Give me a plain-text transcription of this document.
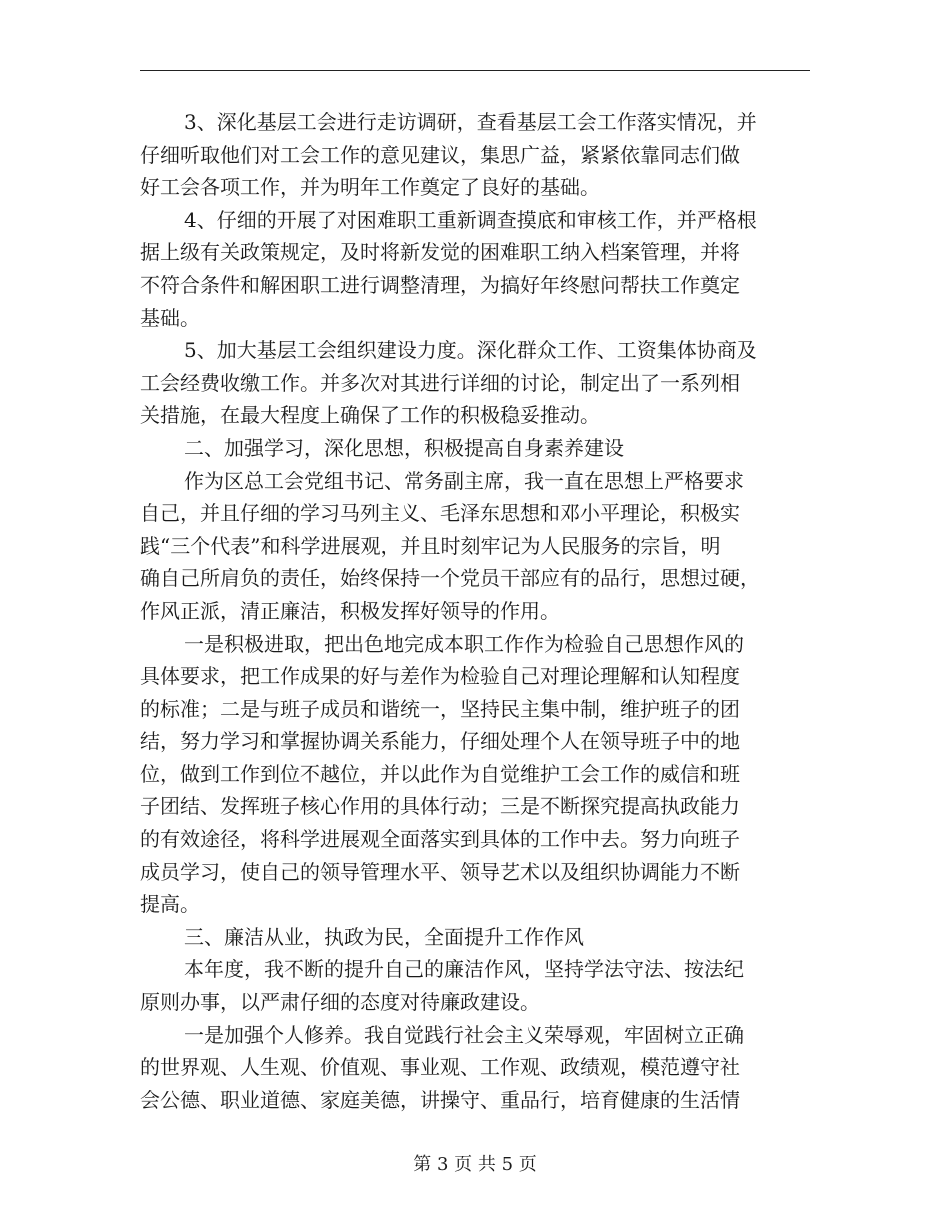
3、深化基层工会进行走访调研，查看基层工会工作落实情况，并
仔细听取他们对工会工作的意见建议，集思广益，紧紧依靠同志们做
好工会各项工作，并为明年工作奠定了良好的基础。
4、仔细的开展了对困难职工重新调查摸底和审核工作，并严格根
据上级有关政策规定，及时将新发觉的困难职工纳入档案管理，并将
不符合条件和解困职工进行调整清理，为搞好年终慰问帮扶工作奠定
基础。
5、加大基层工会组织建设力度。深化群众工作、工资集体协商及
工会经费收缴工作。并多次对其进行详细的讨论，制定出了一系列相
关措施，在最大程度上确保了工作的积极稳妥推动。
二、加强学习，深化思想，积极提高自身素养建设
作为区总工会党组书记、常务副主席，我一直在思想上严格要求
自己，并且仔细的学习马列主义、毛泽东思想和邓小平理论，积极实
践“三个代表”和科学进展观，并且时刻牢记为人民服务的宗旨，明
确自己所肩负的责任，始终保持一个党员干部应有的品行，思想过硬，
作风正派，清正廉洁，积极发挥好领导的作用。
一是积极进取，把出色地完成本职工作作为检验自己思想作风的
具体要求，把工作成果的好与差作为检验自己对理论理解和认知程度
的标准；二是与班子成员和谐统一，坚持民主集中制，维护班子的团
结，努力学习和掌握协调关系能力，仔细处理个人在领导班子中的地
位，做到工作到位不越位，并以此作为自觉维护工会工作的威信和班
子团结、发挥班子核心作用的具体行动；三是不断探究提高执政能力
的有效途径，将科学进展观全面落实到具体的工作中去。努力向班子
成员学习，使自己的领导管理水平、领导艺术以及组织协调能力不断
提高。
三、廉洁从业，执政为民，全面提升工作作风
本年度，我不断的提升自己的廉洁作风，坚持学法守法、按法纪
原则办事，以严肃仔细的态度对待廉政建设。
一是加强个人修养。我自觉践行社会主义荣辱观，牢固树立正确
的世界观、人生观、价值观、事业观、工作观、政绩观，模范遵守社
会公德、职业道德、家庭美德，讲操守、重品行，培育健康的生活情
第 3 页 共 5 页
